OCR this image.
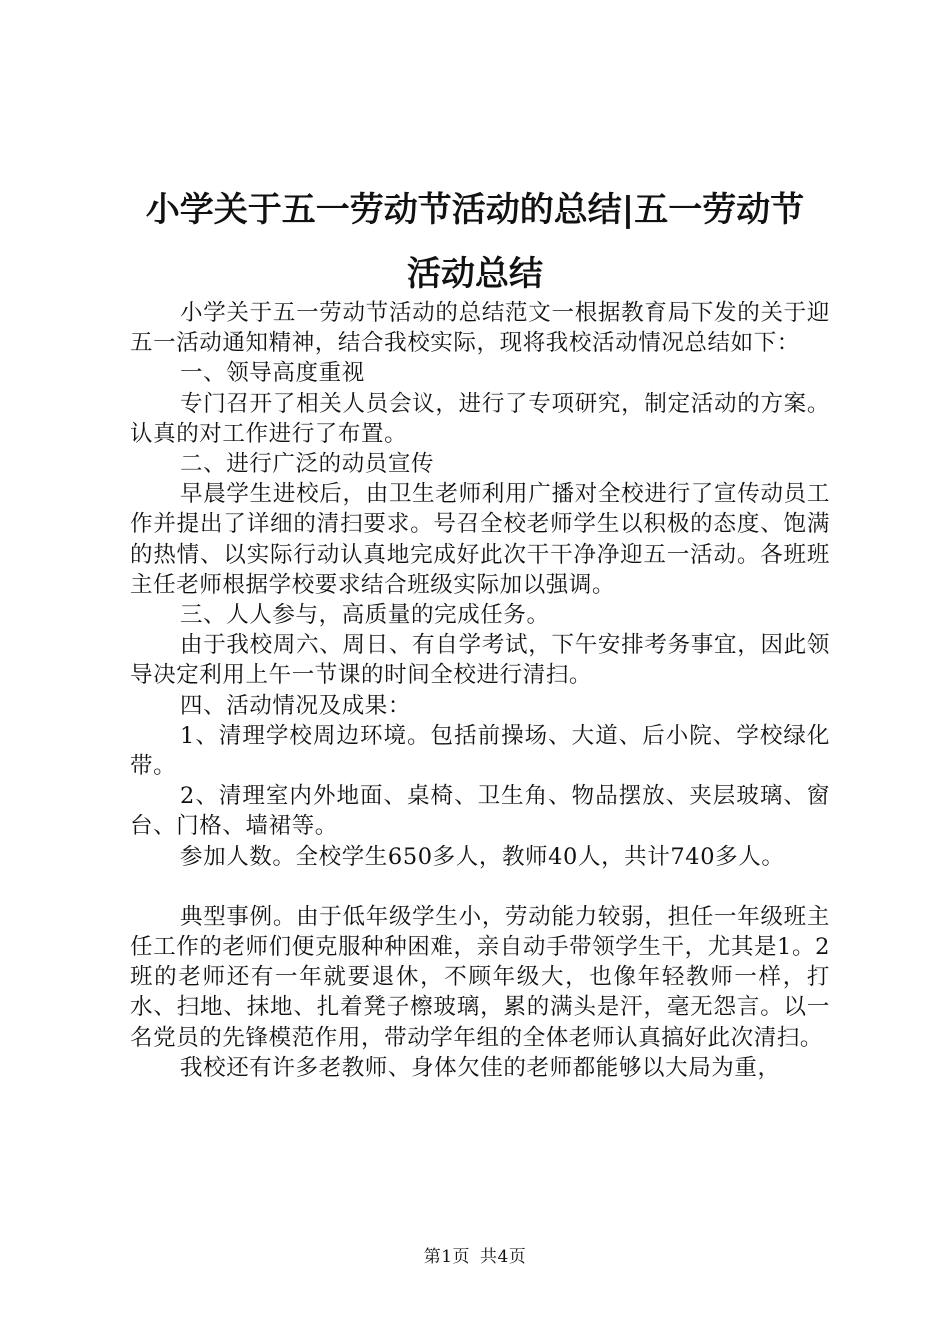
小学关于五一劳动节活动的总结|五一劳动节
活动总结

小学关于五一劳动节活动的总结范文一根据教育局下发的关于迎五一活动通知精神，结合我校实际，现将我校活动情况总结如下：

一、领导高度重视

专门召开了相关人员会议，进行了专项研究，制定活动的方案。认真的对工作进行了布置。

二、进行广泛的动员宣传

早晨学生进校后，由卫生老师利用广播对全校进行了宣传动员工作并提出了详细的清扫要求。号召全校老师学生以积极的态度、饱满的热情、以实际行动认真地完成好此次干干净净迎五一活动。各班班主任老师根据学校要求结合班级实际加以强调。

三、人人参与，高质量的完成任务。

由于我校周六、周日、有自学考试，下午安排考务事宜，因此领导决定利用上午一节课的时间全校进行清扫。

四、活动情况及成果：

1、清理学校周边环境。包括前操场、大道、后小院、学校绿化带。

2、清理室内外地面、桌椅、卫生角、物品摆放、夹层玻璃、窗台、门格、墙裙等。

参加人数。全校学生650多人，教师40人，共计740多人。

典型事例。由于低年级学生小，劳动能力较弱，担任一年级班主任工作的老师们便克服种种困难，亲自动手带领学生干，尤其是1。2班的老师还有一年就要退休，不顾年级大，也像年轻教师一样，打水、扫地、抹地、扎着凳子檫玻璃，累的满头是汗，毫无怨言。以一名党员的先锋模范作用，带动学年组的全体老师认真搞好此次清扫。

我校还有许多老教师、身体欠佳的老师都能够以大局为重，

第1页 共4页
